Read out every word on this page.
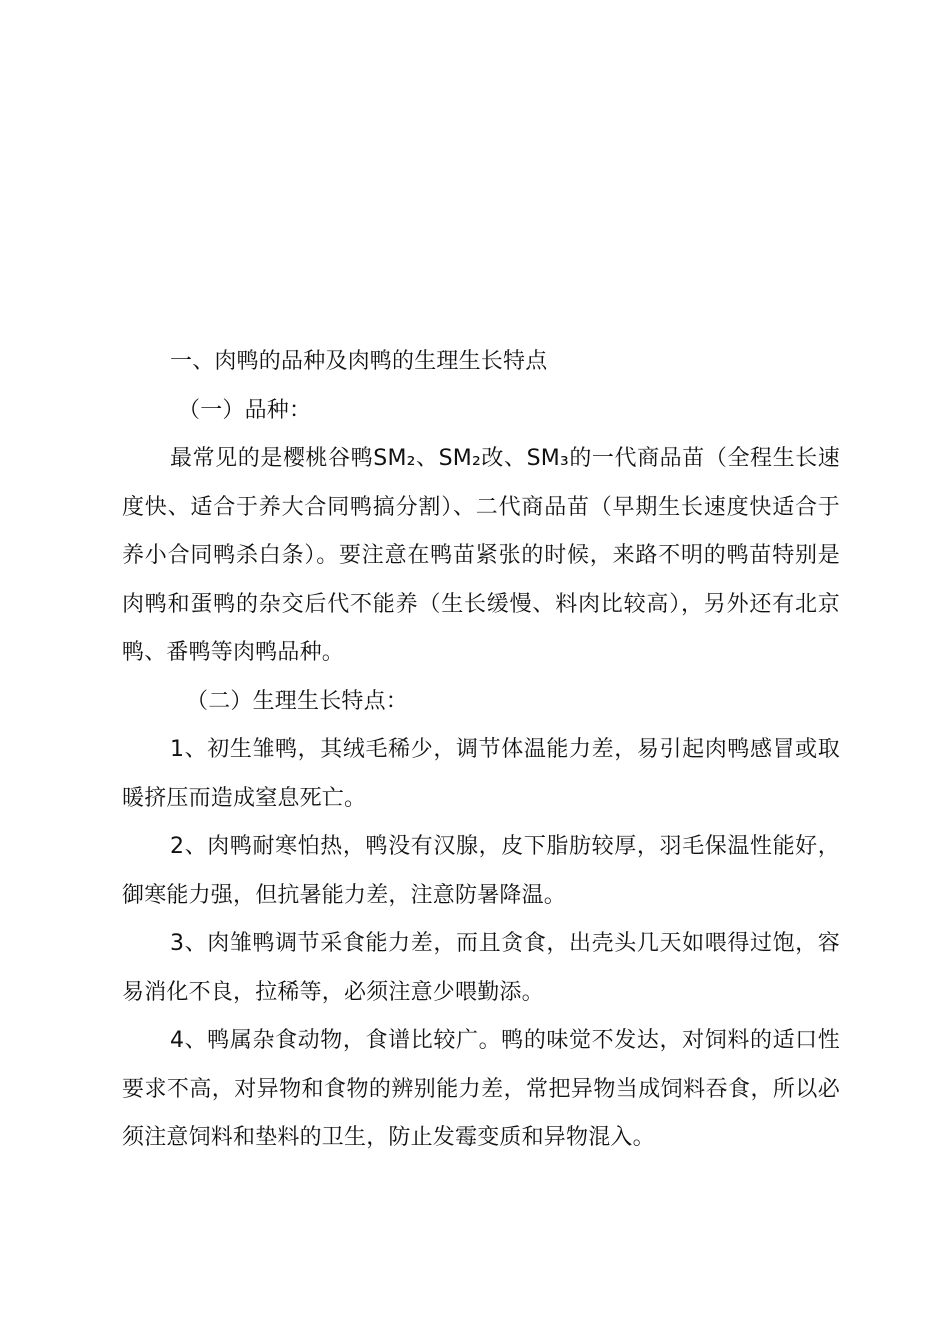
一、肉鸭的品种及肉鸭的生理生长特点

（一）品种：

最常见的是樱桃谷鸭SM₂、SM₂改、SM₃的一代商品苗（全程生长速度快、适合于养大合同鸭搞分割）、二代商品苗（早期生长速度快适合于养小合同鸭杀白条）。要注意在鸭苗紧张的时候，来路不明的鸭苗特别是肉鸭和蛋鸭的杂交后代不能养（生长缓慢、料肉比较高），另外还有北京鸭、番鸭等肉鸭品种。

（二）生理生长特点：

1、初生雏鸭，其绒毛稀少，调节体温能力差，易引起肉鸭感冒或取暖挤压而造成窒息死亡。

2、肉鸭耐寒怕热，鸭没有汉腺，皮下脂肪较厚，羽毛保温性能好，御寒能力强，但抗暑能力差，注意防暑降温。

3、肉雏鸭调节采食能力差，而且贪食，出壳头几天如喂得过饱，容易消化不良，拉稀等，必须注意少喂勤添。

4、鸭属杂食动物，食谱比较广。鸭的味觉不发达，对饲料的适口性要求不高，对异物和食物的辨别能力差，常把异物当成饲料吞食，所以必须注意饲料和垫料的卫生，防止发霉变质和异物混入。
